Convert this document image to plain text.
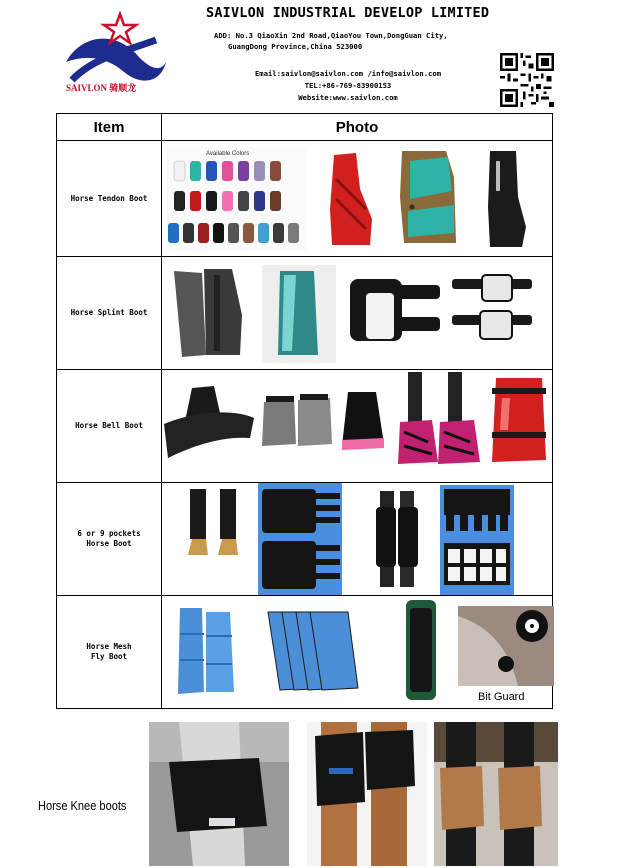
SAIVLON 骑顺龙
SAIVLON INDUSTRIAL DEVELOP LIMITED
ADD: No.3 QiaoXin 2nd Road,QiaoYou Town,DongGuan City,
GuangDong Province,China 523000
Email:saivlon@saivlon.com /info@saivlon.com
TEL:+86-769-83900153
Website:www.saivlon.com
Item	Photo

Horse Tendon Boot	Available Colors

Horse Splint Boot

Horse Bell Boot

6 or 9 pockets
Horse Boot

Horse Mesh
Fly Boot	Bit Guard
Horse Knee boots
